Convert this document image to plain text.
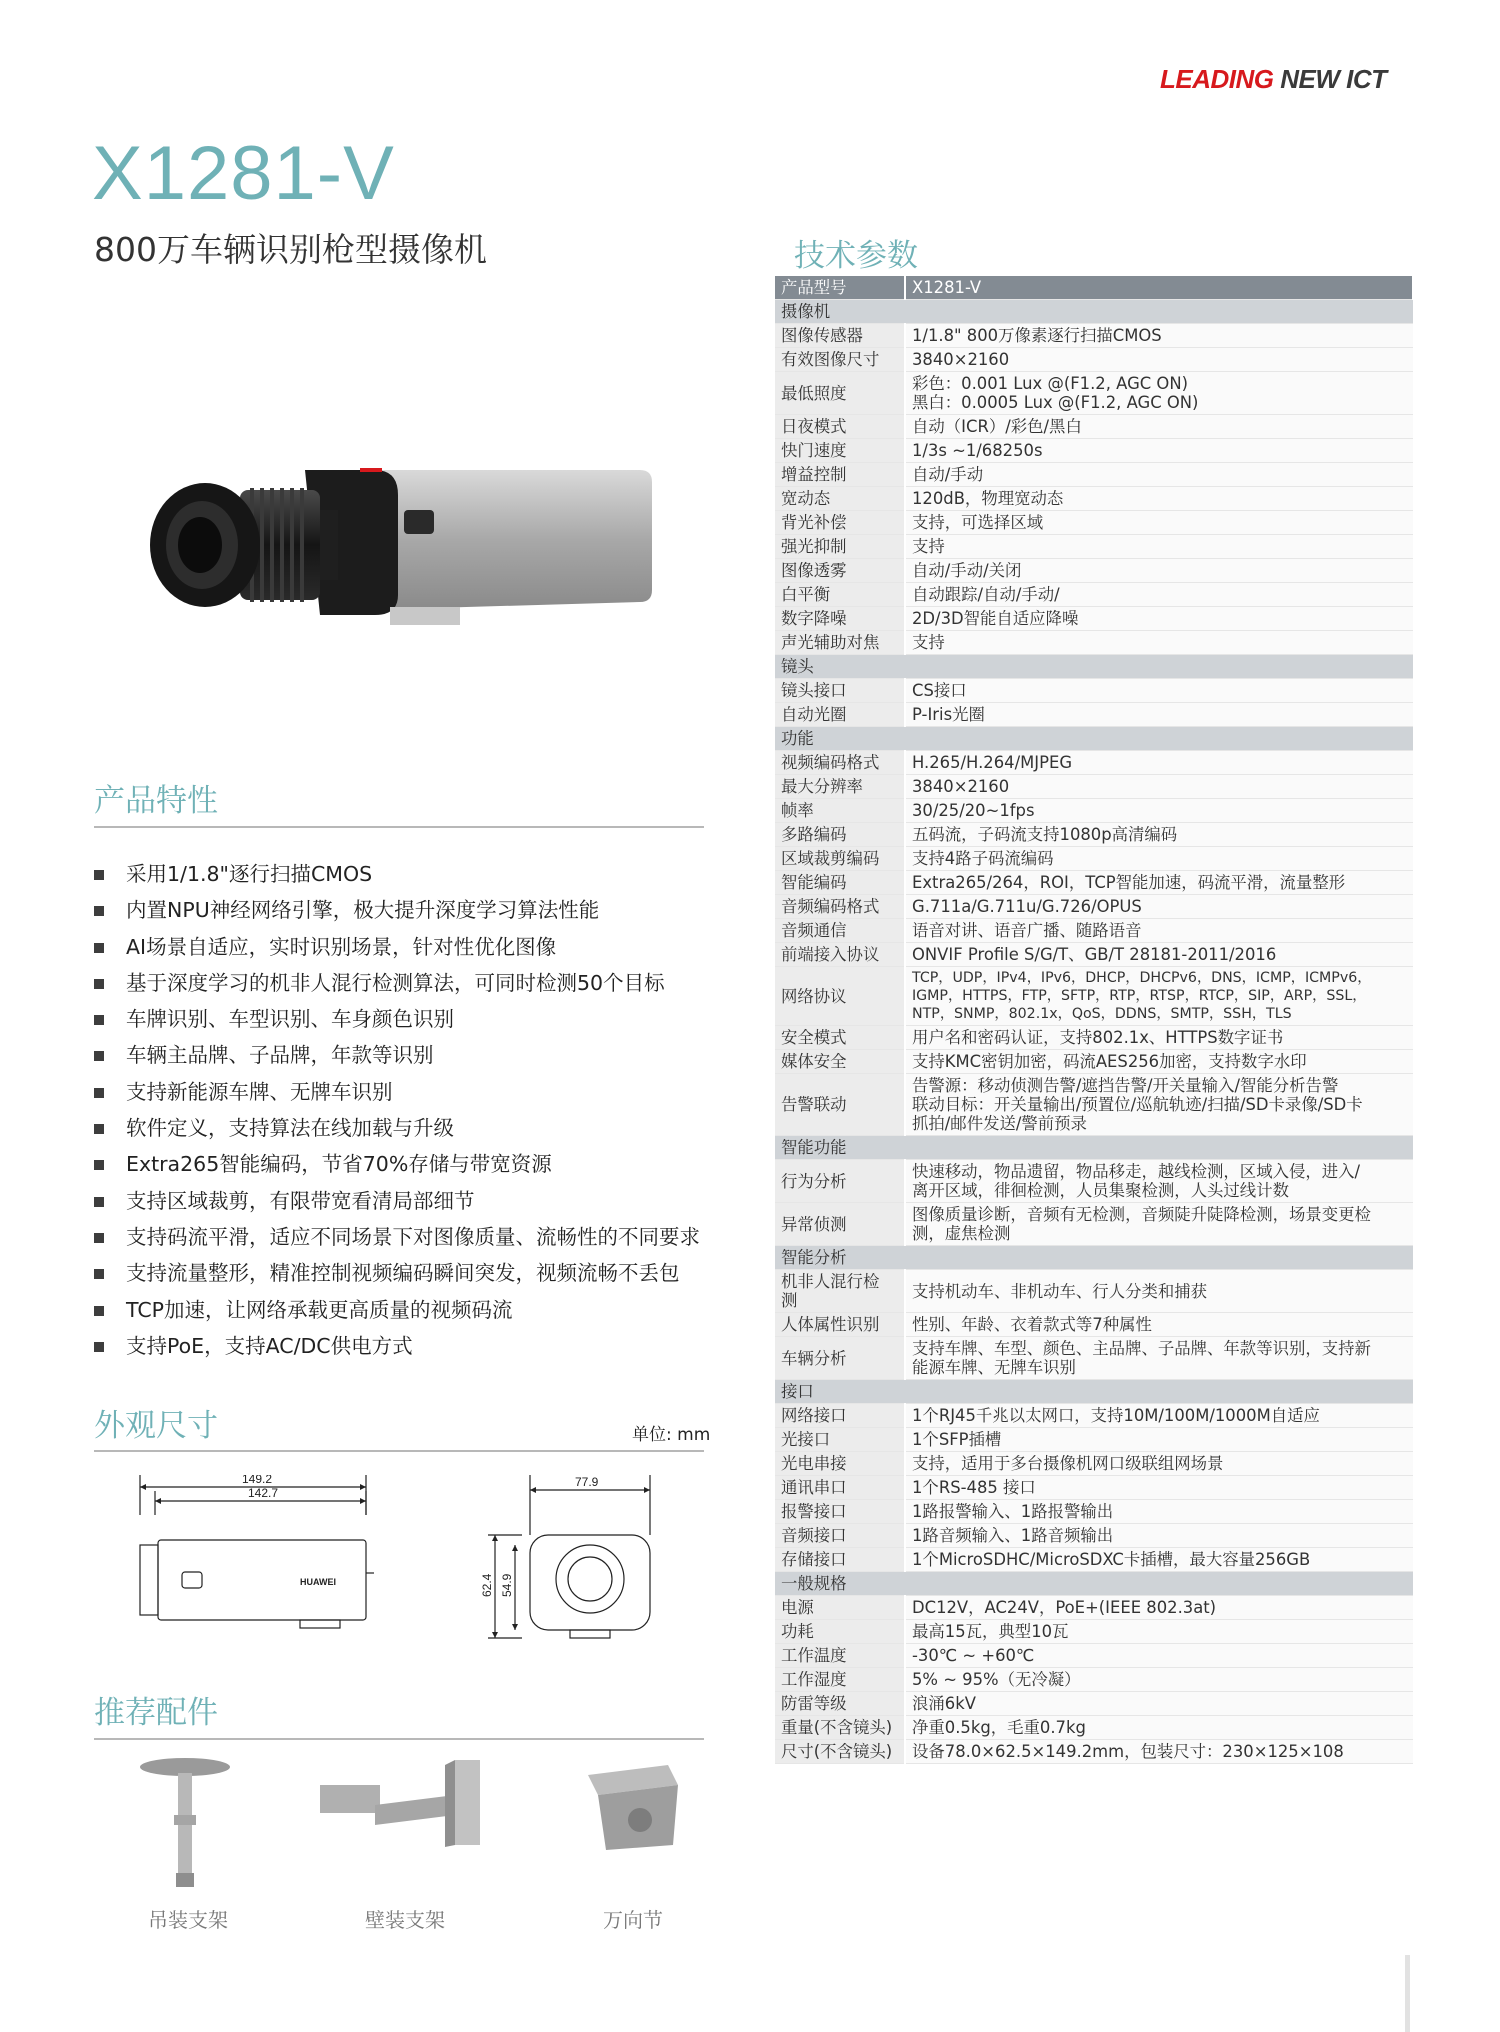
LEADING NEW ICT
X1281-V
800万车辆识别枪型摄像机
产品特性
采用1/1.8"逐行扫描CMOS
内置NPU神经网络引擎，极大提升深度学习算法性能
AI场景自适应，实时识别场景，针对性优化图像
基于深度学习的机非人混行检测算法，可同时检测50个目标
车牌识别、车型识别、车身颜色识别
车辆主品牌、子品牌，年款等识别
支持新能源车牌、无牌车识别
软件定义，支持算法在线加载与升级
Extra265智能编码，节省70%存储与带宽资源
支持区域裁剪，有限带宽看清局部细节
支持码流平滑，适应不同场景下对图像质量、流畅性的不同要求
支持流量整形，精准控制视频编码瞬间突发，视频流畅不丢包
TCP加速，让网络承载更高质量的视频码流
支持PoE，支持AC/DC供电方式
外观尺寸	单位: mm
149.2
142.7
77.9
62.4 54.9
HUAWEI
推荐配件
吊装支架	壁装支架	万向节
技术参数
产品型号	X1281-V
摄像机	
图像传感器	1/1.8" 800万像素逐行扫描CMOS
有效图像尺寸	3840×2160
最低照度	彩色：0.001 Lux @(F1.2, AGC ON)
黑白：0.0005 Lux @(F1.2, AGC ON)

日夜模式	自动（ICR）/彩色/黑白
快门速度	1/3s ~1/68250s
增益控制	自动/手动
宽动态	120dB，物理宽动态
背光补偿	支持，可选择区域
强光抑制	支持
图像透雾	自动/手动/关闭
白平衡	自动跟踪/自动/手动/
数字降噪	2D/3D智能自适应降噪
声光辅助对焦	支持
镜头	
镜头接口	CS接口
自动光圈	P-Iris光圈
功能	
视频编码格式	H.265/H.264/MJPEG
最大分辨率	3840×2160
帧率	30/25/20~1fps
多路编码	五码流，子码流支持1080p高清编码
区域裁剪编码	支持4路子码流编码
智能编码	Extra265/264，ROI，TCP智能加速，码流平滑，流量整形
音频编码格式	G.711a/G.711u/G.726/OPUS
音频通信	语音对讲、语音广播、随路语音
前端接入协议	ONVIF Profile S/G/T、GB/T 28181-2011/2016
网络协议	TCP，UDP，IPv4，IPv6，DHCP，DHCPv6，DNS，ICMP，ICMPv6，
IGMP，HTTPS，FTP，SFTP，RTP，RTSP，RTCP，SIP，ARP，SSL，
NTP，SNMP，802.1x，QoS，DDNS，SMTP，SSH，TLS

安全模式	用户名和密码认证，支持802.1x、HTTPS数字证书
媒体安全	支持KMC密钥加密，码流AES256加密，支持数字水印
告警联动	告警源：移动侦测告警/遮挡告警/开关量输入/智能分析告警
联动目标：开关量输出/预置位/巡航轨迹/扫描/SD卡录像/SD卡
抓拍/邮件发送/警前预录

智能功能	
行为分析	快速移动，物品遗留，物品移走，越线检测，区域入侵，进入/
离开区域，徘徊检测，人员集聚检测，人头过线计数

异常侦测	图像质量诊断，音频有无检测，音频陡升陡降检测，场景变更检
测，虚焦检测

智能分析	

机非人混行检
测	支持机动车、非机动车、行人分类和捕获
人体属性识别	性别、年龄、衣着款式等7种属性
车辆分析	支持车牌、车型、颜色、主品牌、子品牌、年款等识别，支持新
能源车牌、无牌车识别

接口	
网络接口	1个RJ45千兆以太网口，支持10M/100M/1000M自适应
光接口	1个SFP插槽
光电串接	支持，适用于多台摄像机网口级联组网场景
通讯串口	1个RS-485 接口
报警接口	1路报警输入、1路报警输出
音频接口	1路音频输入、1路音频输出
存储接口	1个MicroSDHC/MicroSDXC卡插槽，最大容量256GB
一般规格	
电源	DC12V，AC24V，PoE+(IEEE 802.3at)
功耗	最高15瓦，典型10瓦
工作温度	-30℃ ~ +60℃
工作湿度	5% ~ 95%（无冷凝）
防雷等级	浪涌6kV
重量(不含镜头)	净重0.5kg，毛重0.7kg
尺寸(不含镜头)	设备78.0×62.5×149.2mm，包装尺寸：230×125×108
